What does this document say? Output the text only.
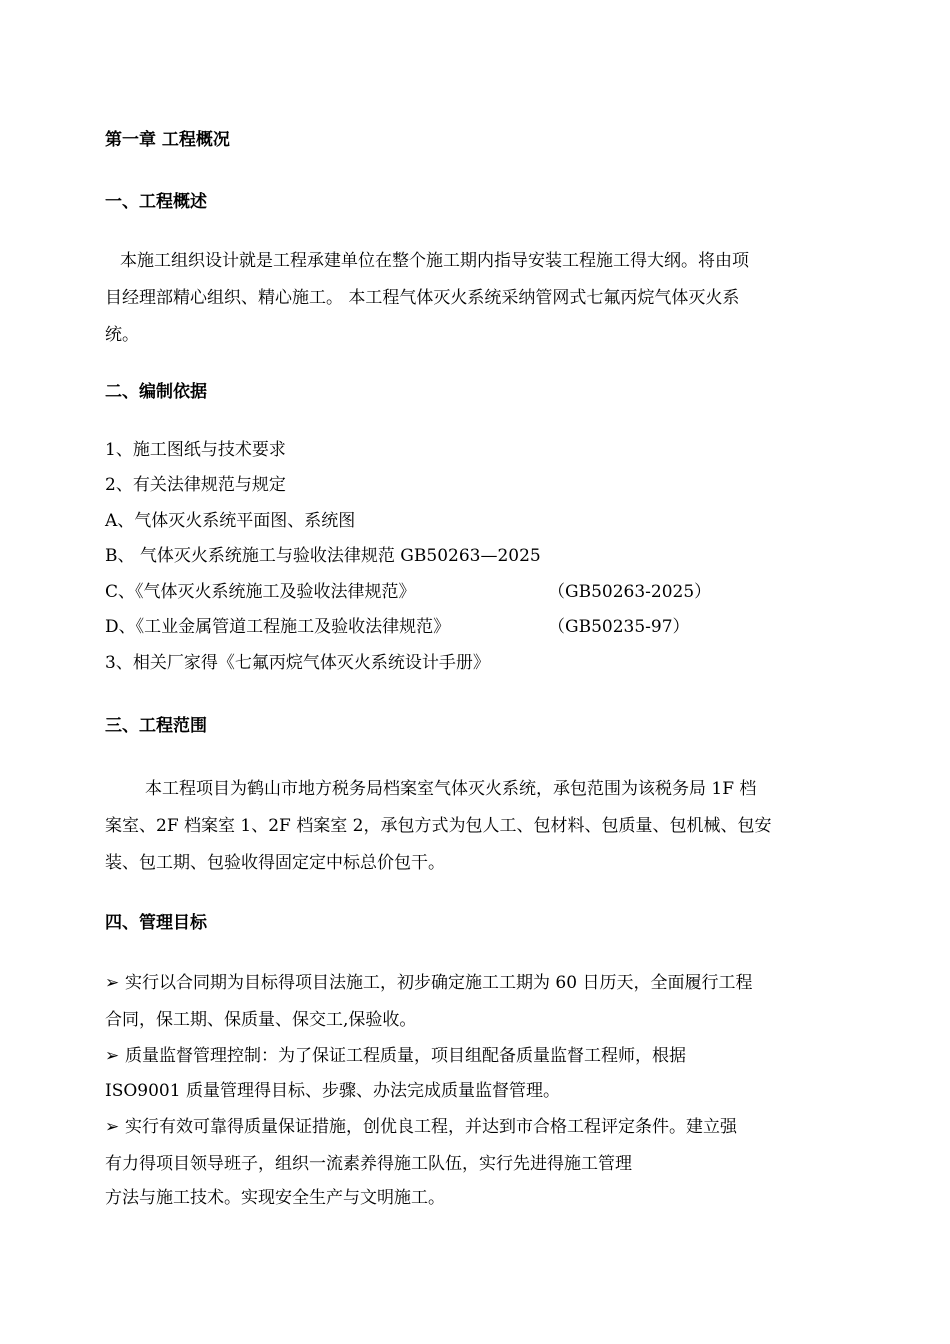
第一章 工程概况

一、工程概述

本施工组织设计就是工程承建单位在整个施工期内指导安装工程施工得大纲。将由项

目经理部精心组织、精心施工。 本工程气体灭火系统采纳管网式七氟丙烷气体灭火系

统。

二、编制依据

1、施工图纸与技术要求

2、有关法律规范与规定

A、气体灭火系统平面图、系统图

B、 气体灭火系统施工与验收法律规范 GB50263—2025

C、《气体灭火系统施工及验收法律规范》	（GB50263-2025）

D、《工业金属管道工程施工及验收法律规范》	（GB50235-97）

3、相关厂家得《七氟丙烷气体灭火系统设计手册》

三、工程范围

本工程项目为鹤山市地方税务局档案室气体灭火系统，承包范围为该税务局 1F 档

案室、2F 档案室 1、2F 档案室 2，承包方式为包人工、包材料、包质量、包机械、包安

装、包工期、包验收得固定定中标总价包干。

四、管理目标

➢ 实行以合同期为目标得项目法施工，初步确定施工工期为 60 日历天，全面履行工程

合同，保工期、保质量、保交工,保验收。

➢ 质量监督管理控制：为了保证工程质量，项目组配备质量监督工程师，根据

ISO9001 质量管理得目标、步骤、办法完成质量监督管理。

➢ 实行有效可靠得质量保证措施，创优良工程，并达到市合格工程评定条件。建立强

有力得项目领导班子，组织一流素养得施工队伍，实行先进得施工管理

方法与施工技术。实现安全生产与文明施工。
